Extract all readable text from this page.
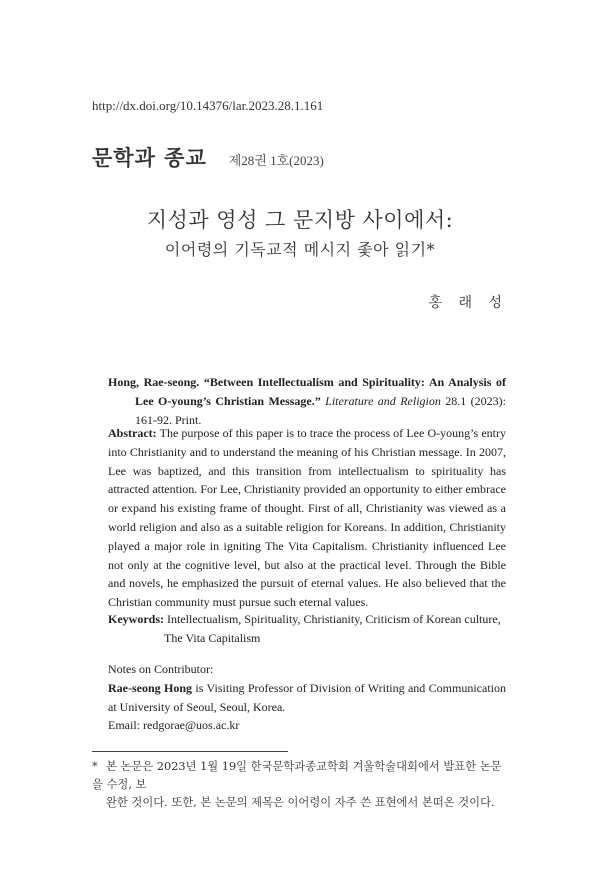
http://dx.doi.org/10.14376/lar.2023.28.1.161
문학과 종교 제28권 1호(2023)
지성과 영성 그 문지방 사이에서:
이어령의 기독교적 메시지 좇아 읽기*
홍 래 성
Hong, Rae-seong. “Between Intellectualism and Spirituality: An Analysis of Lee O-young’s Christian Message.” Literature and Religion 28.1 (2023): 161-92. Print.
Abstract: The purpose of this paper is to trace the process of Lee O-young’s entry into Christianity and to understand the meaning of his Christian message. In 2007, Lee was baptized, and this transition from intellectualism to spirituality has attracted attention. For Lee, Christianity provided an opportunity to either embrace or expand his existing frame of thought. First of all, Christianity was viewed as a world religion and also as a suitable religion for Koreans. In addition, Christianity played a major role in igniting The Vita Capitalism. Christianity influenced Lee not only at the cognitive level, but also at the practical level. Through the Bible and novels, he emphasized the pursuit of eternal values. He also believed that the Christian community must pursue such eternal values.
Keywords: Intellectualism, Spirituality, Christianity, Criticism of Korean culture,
The Vita Capitalism
Notes on Contributor:
Rae-seong Hong is Visiting Professor of Division of Writing and Communication at University of Seoul, Seoul, Korea.
Email: redgorae@uos.ac.kr
* 본 논문은 2023년 1월 19일 한국문학과종교학회 겨울학술대회에서 발표한 논문을 수정, 보
완한 것이다. 또한, 본 논문의 제목은 이어령이 자주 쓴 표현에서 본떠온 것이다.
